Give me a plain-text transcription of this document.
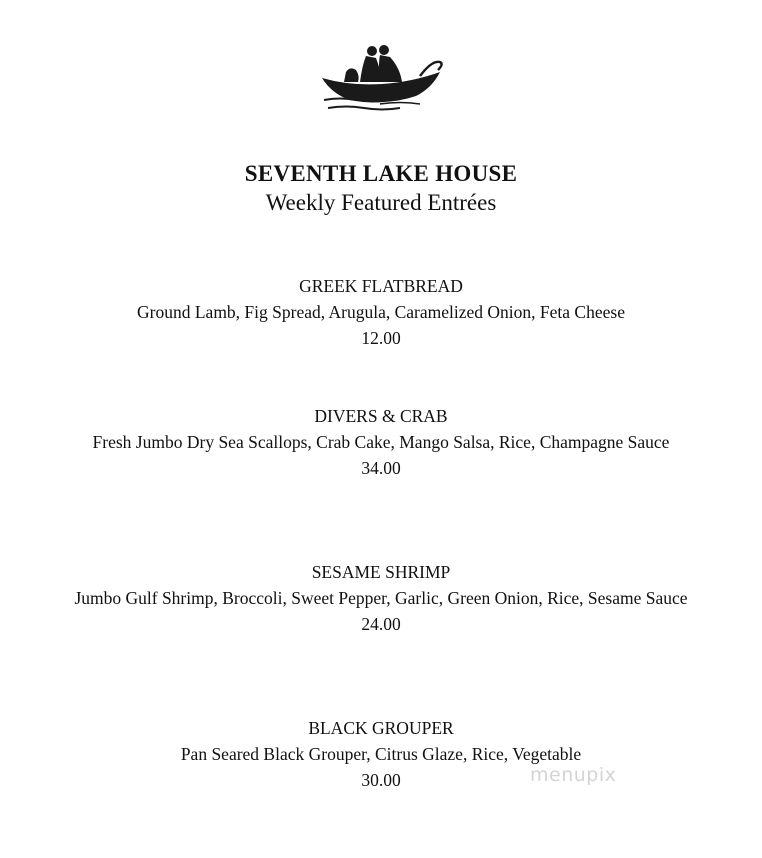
SEVENTH LAKE HOUSE
Weekly Featured Entrées
GREEK FLATBREAD
Ground Lamb, Fig Spread, Arugula, Caramelized Onion, Feta Cheese
12.00
DIVERS & CRAB
Fresh Jumbo Dry Sea Scallops, Crab Cake, Mango Salsa, Rice, Champagne Sauce
34.00
SESAME SHRIMP
Jumbo Gulf Shrimp, Broccoli, Sweet Pepper, Garlic, Green Onion, Rice, Sesame Sauce
24.00
BLACK GROUPER
Pan Seared Black Grouper, Citrus Glaze, Rice, Vegetable
30.00	menupix
